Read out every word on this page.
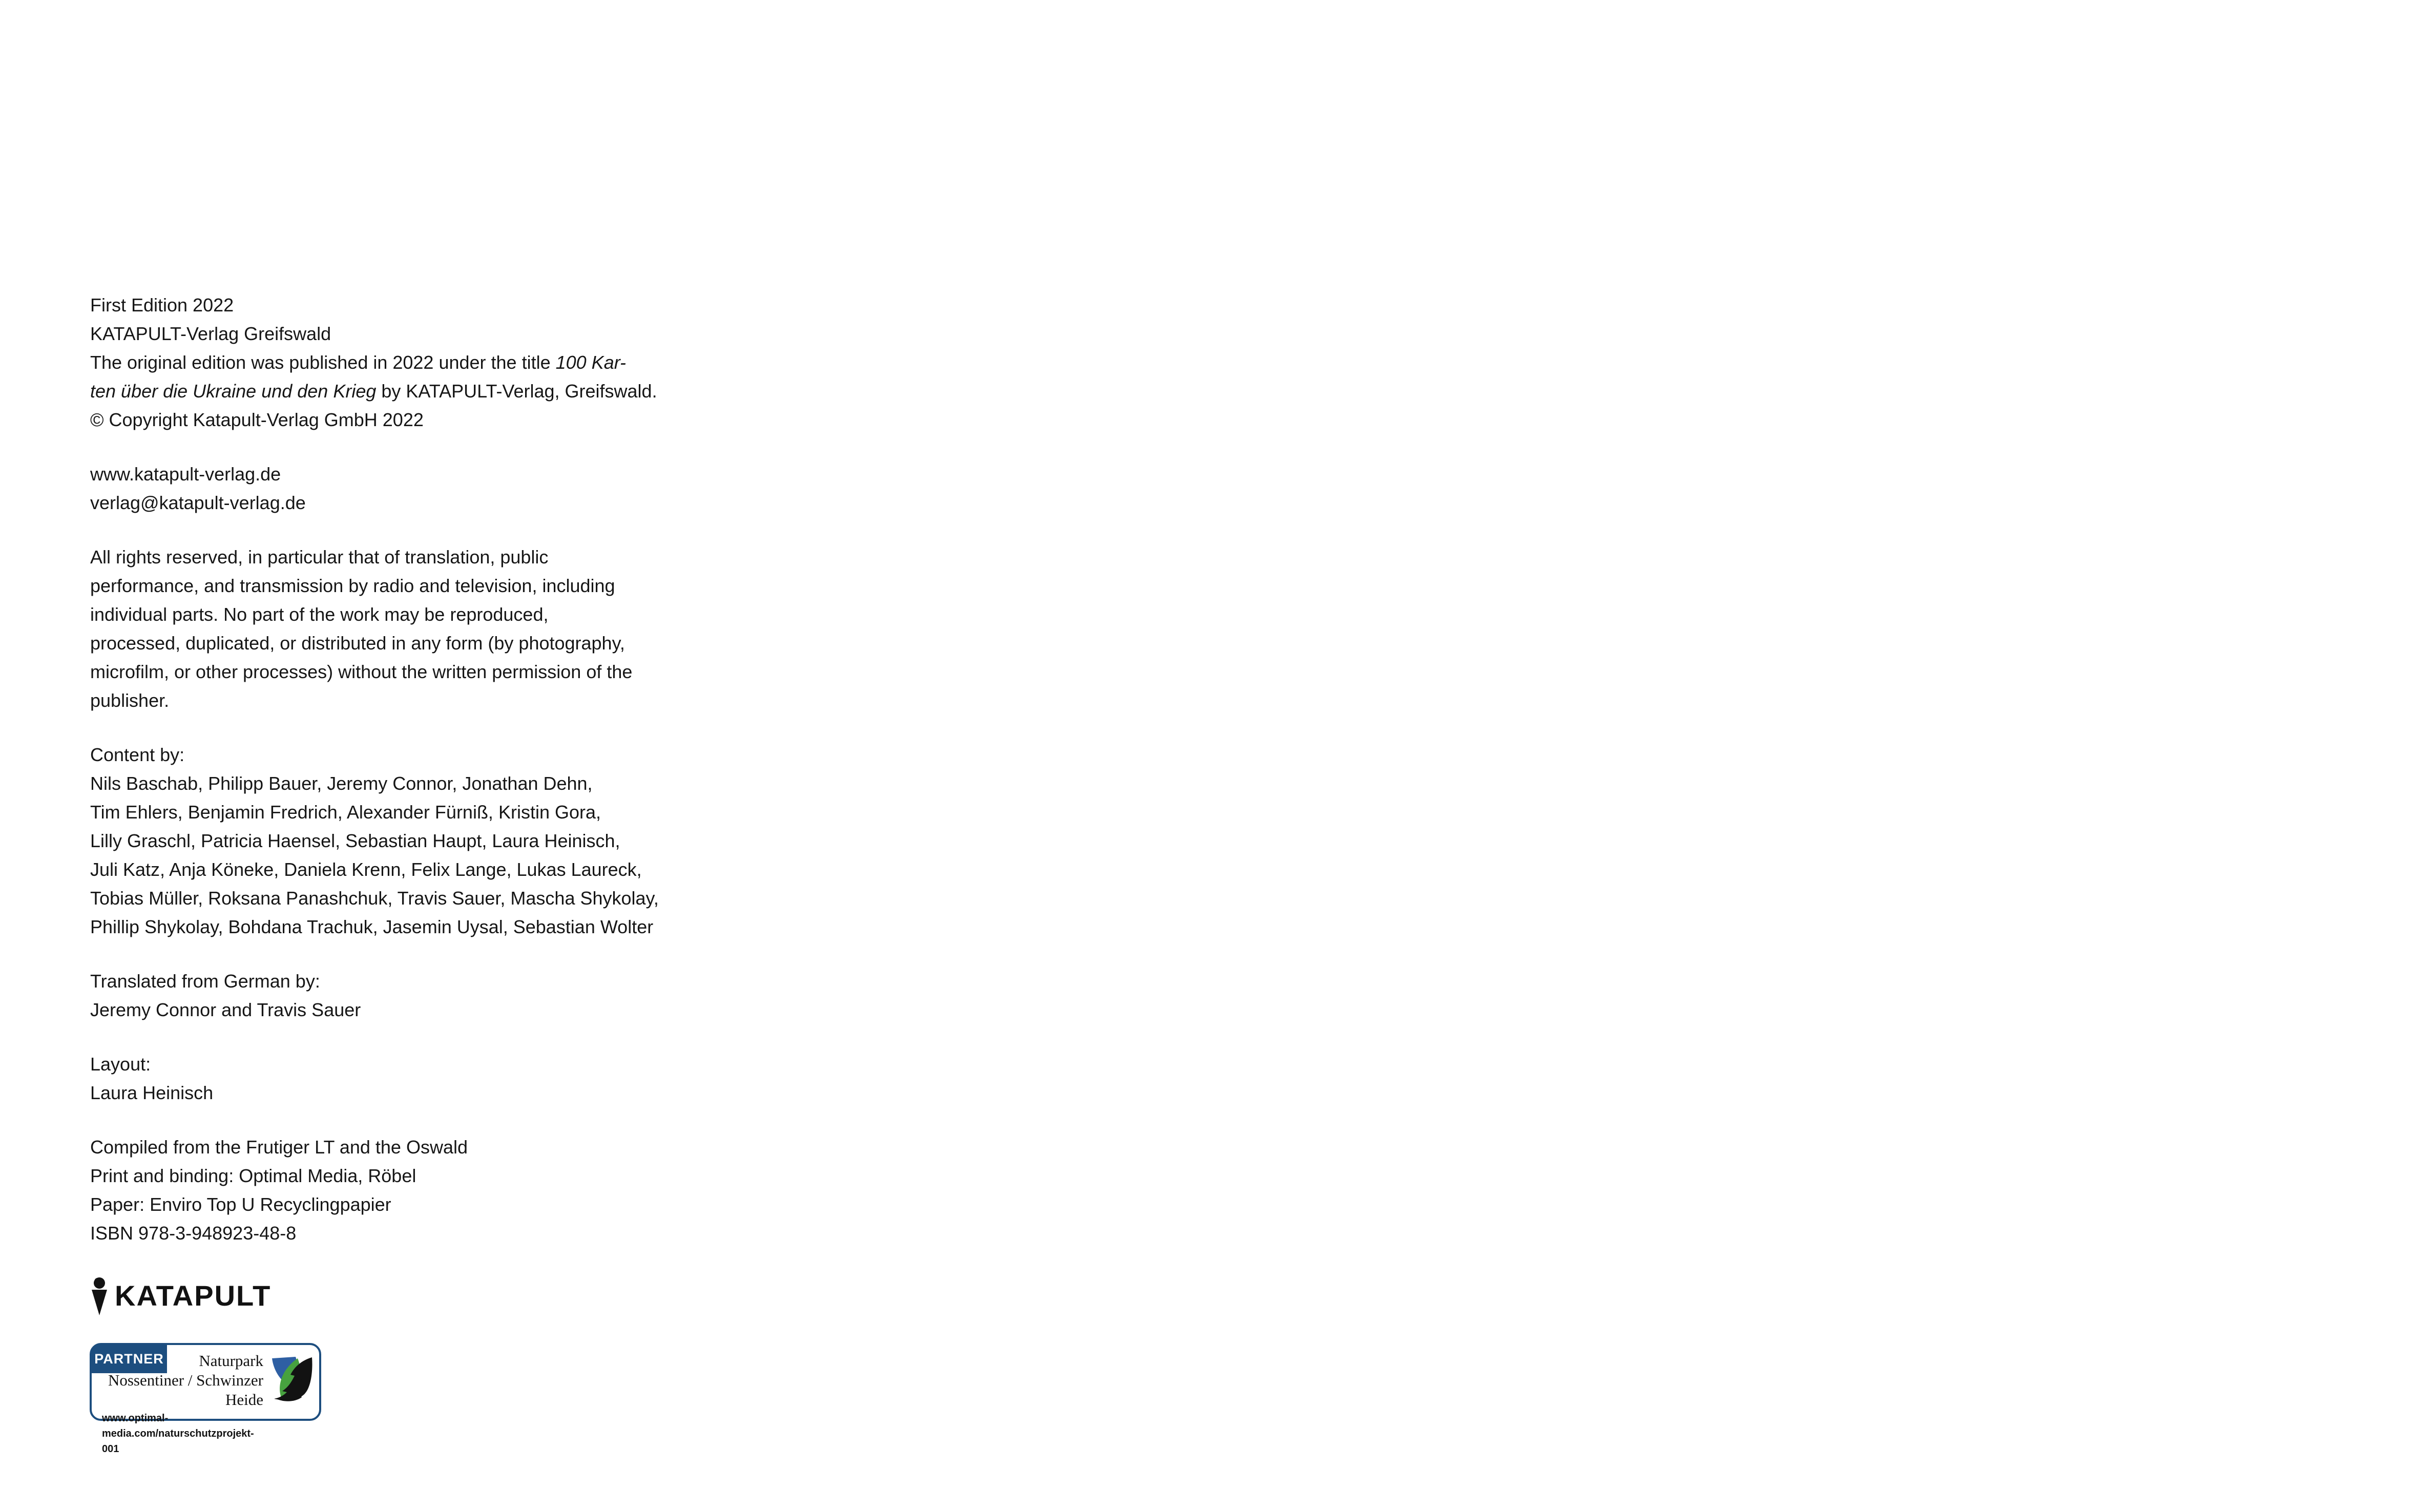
First Edition 2022
KATAPULT-Verlag Greifswald
The original edition was published in 2022 under the title 100 Kar-
ten über die Ukraine und den Krieg by KATAPULT-Verlag, Greifswald.
© Copyright Katapult-Verlag GmbH 2022
www.katapult-verlag.de
verlag@katapult-verlag.de
All rights reserved, in particular that of translation, public
performance, and transmission by radio and television, including
individual parts. No part of the work may be reproduced,
processed, duplicated, or distributed in any form (by photography,
microfilm, or other processes) without the written permission of the
publisher.
Content by:
Nils Baschab, Philipp Bauer, Jeremy Connor, Jonathan Dehn,
Tim Ehlers, Benjamin Fredrich, Alexander Fürniß, Kristin Gora,
Lilly Graschl, Patricia Haensel, Sebastian Haupt, Laura Heinisch,
Juli Katz, Anja Köneke, Daniela Krenn, Felix Lange, Lukas Laureck,
Tobias Müller, Roksana Panashchuk, Travis Sauer, Mascha Shykolay,
Phillip Shykolay, Bohdana Trachuk, Jasemin Uysal, Sebastian Wolter
Translated from German by:
Jeremy Connor and Travis Sauer
Layout:
Laura Heinisch
Compiled from the Frutiger LT and the Oswald
Print and binding: Optimal Media, Röbel
Paper: Enviro Top U Recyclingpapier
ISBN 978-3-948923-48-8
KATAPULT
PARTNER	Naturpark
Nossentiner / Schwinzer Heide
www.optimal-media.com/naturschutzprojekt-001
